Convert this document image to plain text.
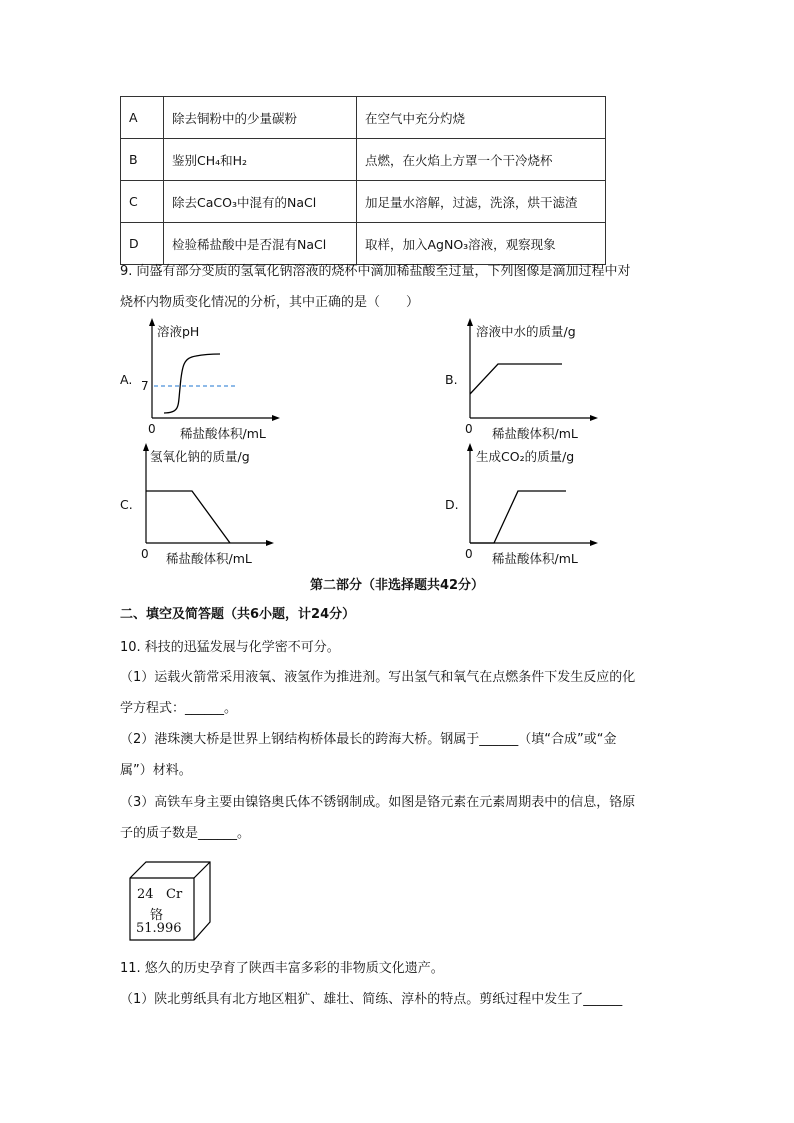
A	除去铜粉中的少量碳粉	在空气中充分灼烧
B	鉴别CH₄和H₂	点燃，在火焰上方罩一个干冷烧杯
C	除去CaCO₃中混有的NaCl	加足量水溶解，过滤，洗涤，烘干滤渣
D	检验稀盐酸中是否混有NaCl	取样，加入AgNO₃溶液，观察现象
9. 向盛有部分变质的氢氧化钠溶液的烧杯中滴加稀盐酸至过量，下列图像是滴加过程中对
烧杯内物质变化情况的分析，其中正确的是（　　）
A.
溶液pH
稀盐酸体积/mL
0
7	B.
溶液中水的质量/g
稀盐酸体积/mL
0
C.
氢氧化钠的质量/g
稀盐酸体积/mL
0
D.
生成CO₂的质量/g
稀盐酸体积/mL
0
第二部分（非选择题共42分）
二、填空及简答题（共6小题，计24分）
10. 科技的迅猛发展与化学密不可分。
（1）运载火箭常采用液氧、液氢作为推进剂。写出氢气和氧气在点燃条件下发生反应的化
学方程式：______。
（2）港珠澳大桥是世界上钢结构桥体最长的跨海大桥。钢属于______（填“合成”或“金
属”）材料。
（3）高铁车身主要由镍铬奥氏体不锈钢制成。如图是铬元素在元素周期表中的信息，铬原
子的质子数是______。
24 Cr
铬
51.996
11. 悠久的历史孕育了陕西丰富多彩的非物质文化遗产。
（1）陕北剪纸具有北方地区粗犷、雄壮、简练、淳朴的特点。剪纸过程中发生了______
